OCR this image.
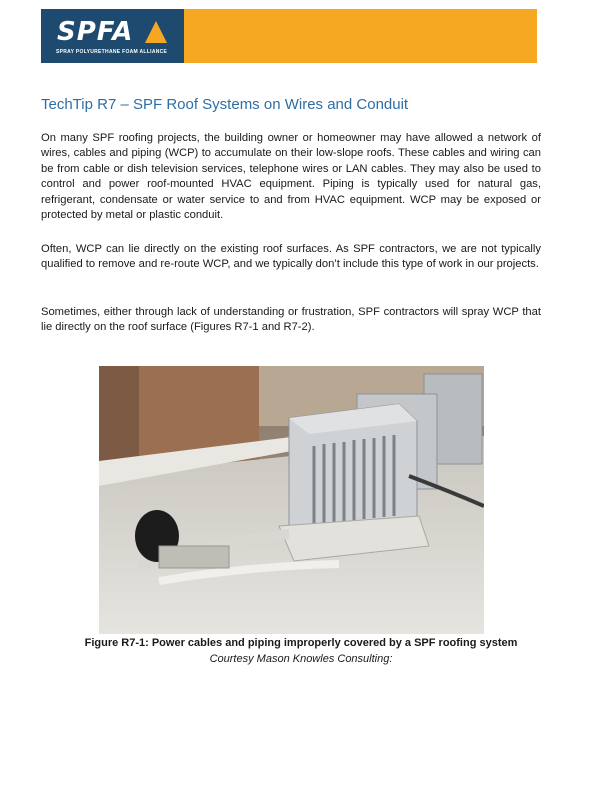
SPFA
SPRAY POLYURETHANE FOAM ALLIANCE
TechTip R7 – SPF Roof Systems on Wires and Conduit

On many SPF roofing projects, the building owner or homeowner may have allowed a network of wires, cables and piping (WCP) to accumulate on their low-slope roofs. These cables and wiring can be from cable or dish television services, telephone wires or LAN cables. They may also be used to control and power roof-mounted HVAC equipment. Piping is typically used for natural gas, refrigerant, condensate or water service to and from HVAC equipment. WCP may be exposed or protected by metal or plastic conduit.

Often, WCP can lie directly on the existing roof surfaces. As SPF contractors, we are not typically qualified to remove and re-route WCP, and we typically don’t include this type of work in our projects.

Sometimes, either through lack of understanding or frustration, SPF contractors will spray WCP that lie directly on the roof surface (Figures R7-1 and R7-2).

Figure R7-1: Power cables and piping improperly covered by a SPF roofing system

Courtesy Mason Knowles Consulting:
